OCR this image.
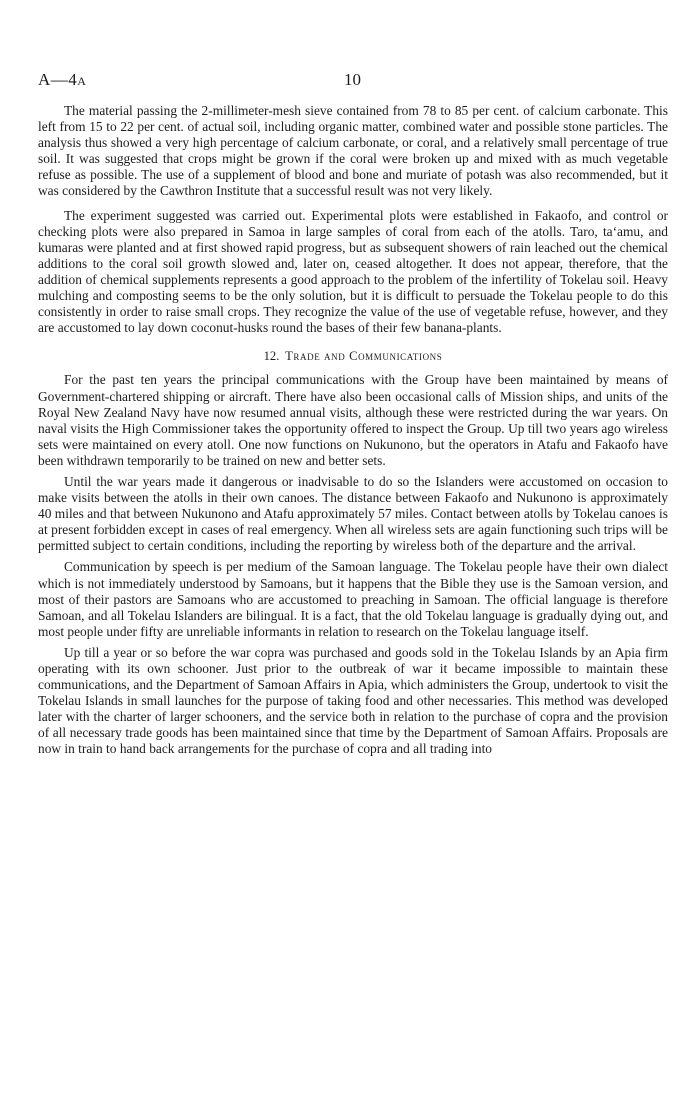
A—4A	10

The material passing the 2-millimeter-mesh sieve contained from 78 to 85 per cent. of calcium carbonate. This left from 15 to 22 per cent. of actual soil, including organic matter, combined water and possible stone particles. The analysis thus showed a very high percentage of calcium carbonate, or coral, and a relatively small percentage of true soil. It was suggested that crops might be grown if the coral were broken up and mixed with as much vegetable refuse as possible. The use of a supplement of blood and bone and muriate of potash was also recommended, but it was considered by the Cawthron Institute that a successful result was not very likely.

The experiment suggested was carried out. Experimental plots were established in Fakaofo, and control or checking plots were also prepared in Samoa in large samples of coral from each of the atolls. Taro, ta‘amu, and kumaras were planted and at first showed rapid progress, but as subsequent showers of rain leached out the chemical additions to the coral soil growth slowed and, later on, ceased altogether. It does not appear, therefore, that the addition of chemical supplements represents a good approach to the problem of the infertility of Tokelau soil. Heavy mulching and composting seems to be the only solution, but it is difficult to persuade the Tokelau people to do this consistently in order to raise small crops. They recognize the value of the use of vegetable refuse, however, and they are accustomed to lay down coconut-husks round the bases of their few banana-plants.

12. Trade and Communications

For the past ten years the principal communications with the Group have been maintained by means of Government-chartered shipping or aircraft. There have also been occasional calls of Mission ships, and units of the Royal New Zealand Navy have now resumed annual visits, although these were restricted during the war years. On naval visits the High Commissioner takes the opportunity offered to inspect the Group. Up till two years ago wireless sets were maintained on every atoll. One now functions on Nukunono, but the operators in Atafu and Fakaofo have been withdrawn temporarily to be trained on new and better sets.

Until the war years made it dangerous or inadvisable to do so the Islanders were accustomed on occasion to make visits between the atolls in their own canoes. The distance between Fakaofo and Nukunono is approximately 40 miles and that between Nukunono and Atafu approximately 57 miles. Contact between atolls by Tokelau canoes is at present forbidden except in cases of real emergency. When all wireless sets are again functioning such trips will be permitted subject to certain conditions, including the reporting by wireless both of the departure and the arrival.

Communication by speech is per medium of the Samoan language. The Tokelau people have their own dialect which is not immediately understood by Samoans, but it happens that the Bible they use is the Samoan version, and most of their pastors are Samoans who are accustomed to preaching in Samoan. The official language is therefore Samoan, and all Tokelau Islanders are bilingual. It is a fact, that the old Tokelau language is gradually dying out, and most people under fifty are unreliable informants in relation to research on the Tokelau language itself.

Up till a year or so before the war copra was purchased and goods sold in the Tokelau Islands by an Apia firm operating with its own schooner. Just prior to the outbreak of war it became impossible to maintain these communications, and the Department of Samoan Affairs in Apia, which administers the Group, undertook to visit the Tokelau Islands in small launches for the purpose of taking food and other necessaries. This method was developed later with the charter of larger schooners, and the service both in relation to the purchase of copra and the provision of all necessary trade goods has been maintained since that time by the Department of Samoan Affairs. Proposals are now in train to hand back arrangements for the purchase of copra and all trading into
